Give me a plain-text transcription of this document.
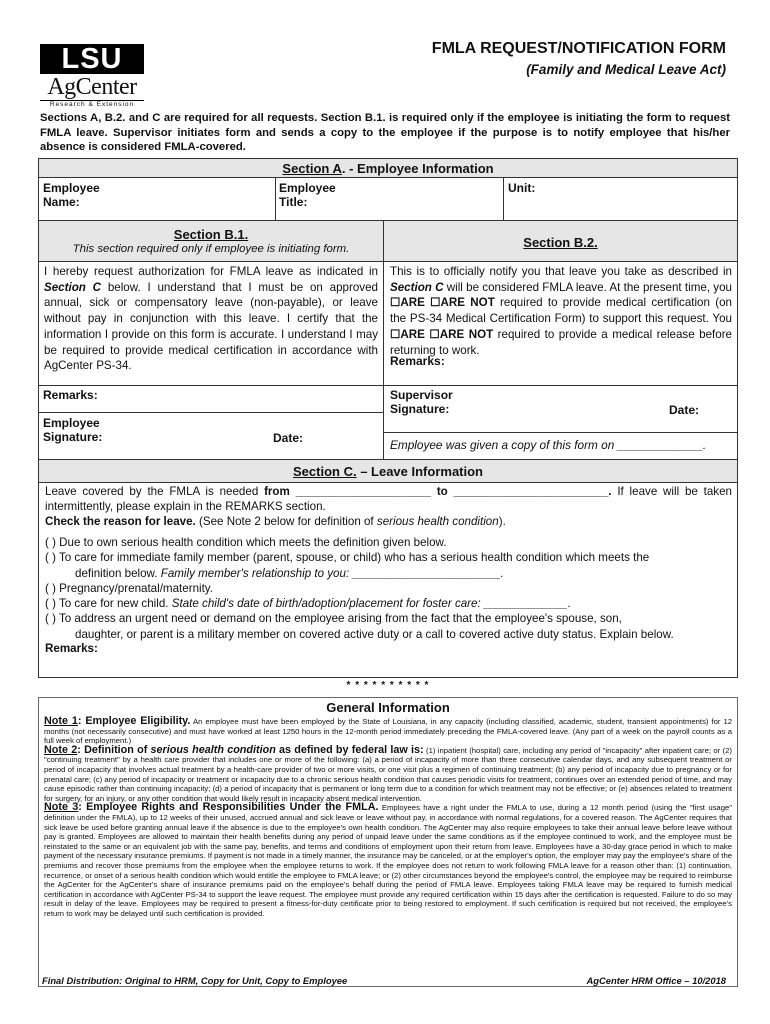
LSU
AgCenter
Research & Extension
FMLA REQUEST/NOTIFICATION FORM
(Family and Medical Leave Act)
Sections A, B.2. and C are required for all requests. Section B.1. is required only if the employee is initiating the form to request FMLA leave. Supervisor initiates form and sends a copy to the employee if the purpose is to notify employee that his/her absence is considered FMLA-covered.
Section A. - Employee Information
Employee
Name:
Employee
Title:
Unit:
Section B.1.
This section required only if employee is initiating form.
I hereby request authorization for FMLA leave as indicated in Section C below. I understand that I must be on approved annual, sick or compensatory leave (non-payable), or leave without pay in conjunction with this leave. I certify that the information I provide on this form is accurate. I understand I may be required to provide medical certification in accordance with AgCenter PS-34.
Remarks:
Employee
Signature:	Date:
Section B.2.
This is to officially notify you that leave you take as described in Section C will be considered FMLA leave. At the present time, you ☐ARE ☐ARE NOT required to provide medical certification (on the PS-34 Medical Certification Form) to support this request. You ☐ARE ☐ARE NOT required to provide a medical release before returning to work.
Remarks:
Supervisor
Signature:	Date:
Employee was given a copy of this form on _____________.
Section C. – Leave Information
Leave covered by the FMLA is needed from _____________________ to ________________________. If leave will be taken intermittently, please explain in the REMARKS section.
Check the reason for leave. (See Note 2 below for definition of serious health condition).
( ) Due to own serious health condition which meets the definition given below.
( ) To care for immediate family member (parent, spouse, or child) who has a serious health condition which meets the
definition below. Family member's relationship to you: _______________________.
( ) Pregnancy/prenatal/maternity.
( ) To care for new child. State child's date of birth/adoption/placement for foster care: _____________.
( ) To address an urgent need or demand on the employee arising from the fact that the employee's spouse, son,
daughter, or parent is a military member on covered active duty or a call to covered active duty status. Explain below.
Remarks:
* * * * * * * * * *
General Information
Note 1: Employee Eligibility. An employee must have been employed by the State of Louisiana, in any capacity (including classified, academic, student, transient appointments) for 12 months (not necessarily consecutive) and must have worked at least 1250 hours in the 12-month period immediately preceding the FMLA-covered leave. (Any part of a week on the payroll counts as a full week of employment.)
Note 2: Definition of serious health condition as defined by federal law is: (1) inpatient (hospital) care, including any period of "incapacity" after inpatient care; or (2) "continuing treatment" by a health care provider that includes one or more of the following: (a) a period of incapacity of more than three consecutive calendar days, and any subsequent treatment or period of incapacity that involves actual treatment by a health-care provider of two or more visits, or one visit plus a regimen of continuing treatment; (b) any period of incapacity due to pregnancy or for prenatal care; (c) any period of incapacity or treatment or incapacity due to a chronic serious health condition that causes periodic visits for treatment, continues over an extended period of time, and may cause episodic rather than continuing incapacity; (d) a period of incapacity that is permanent or long term due to a condition for which treatment may not be effective; or (e) absences related to treatment for surgery, for an injury, or any other condition that would likely result in incapacity absent medical intervention.
Note 3: Employee Rights and Responsibilities Under the FMLA. Employees have a right under the FMLA to use, during a 12 month period (using the "first usage" definition under the FMLA), up to 12 weeks of their unused, accrued annual and sick leave or leave without pay, in accordance with normal regulations, for a covered reason. The AgCenter requires that sick leave be used before granting annual leave if the absence is due to the employee's own health condition. The AgCenter may also require employees to take their annual leave before leave without pay is granted. Employees are allowed to maintain their health benefits during any period of unpaid leave under the same conditions as if the employee continued to work, and the employee must be reinstated to the same or an equivalent job with the same pay, benefits, and terms and conditions of employment upon their return from leave. Employees have a 30-day grace period in which to make payment of the necessary insurance premiums. If payment is not made in a timely manner, the insurance may be canceled, or at the employer's option, the employer may pay the employee's share of the premiums and recover those premiums from the employee when the employee returns to work. If the employee does not return to work following FMLA leave for a reason other than: (1) continuation, recurrence, or onset of a serious health condition which would entitle the employee to FMLA leave; or (2) other circumstances beyond the employee's control, the employee may be required to reimburse the AgCenter for the AgCenter's share of insurance premiums paid on the employee's behalf during the period of FMLA leave. Employees taking FMLA leave may be required to furnish medical certification in accordance with AgCenter PS-34 to support the leave request. The employee must provide any required certification within 15 days after the certification is requested. Failure to do so may result in delay of the leave. Employees may be required to present a fitness-for-duty certificate prior to being restored to employment. If such certification is required but not received, the employee's return to work may be delayed until such certification is provided.
Final Distribution: Original to HRM, Copy for Unit, Copy to Employee	AgCenter HRM Office – 10/2018
